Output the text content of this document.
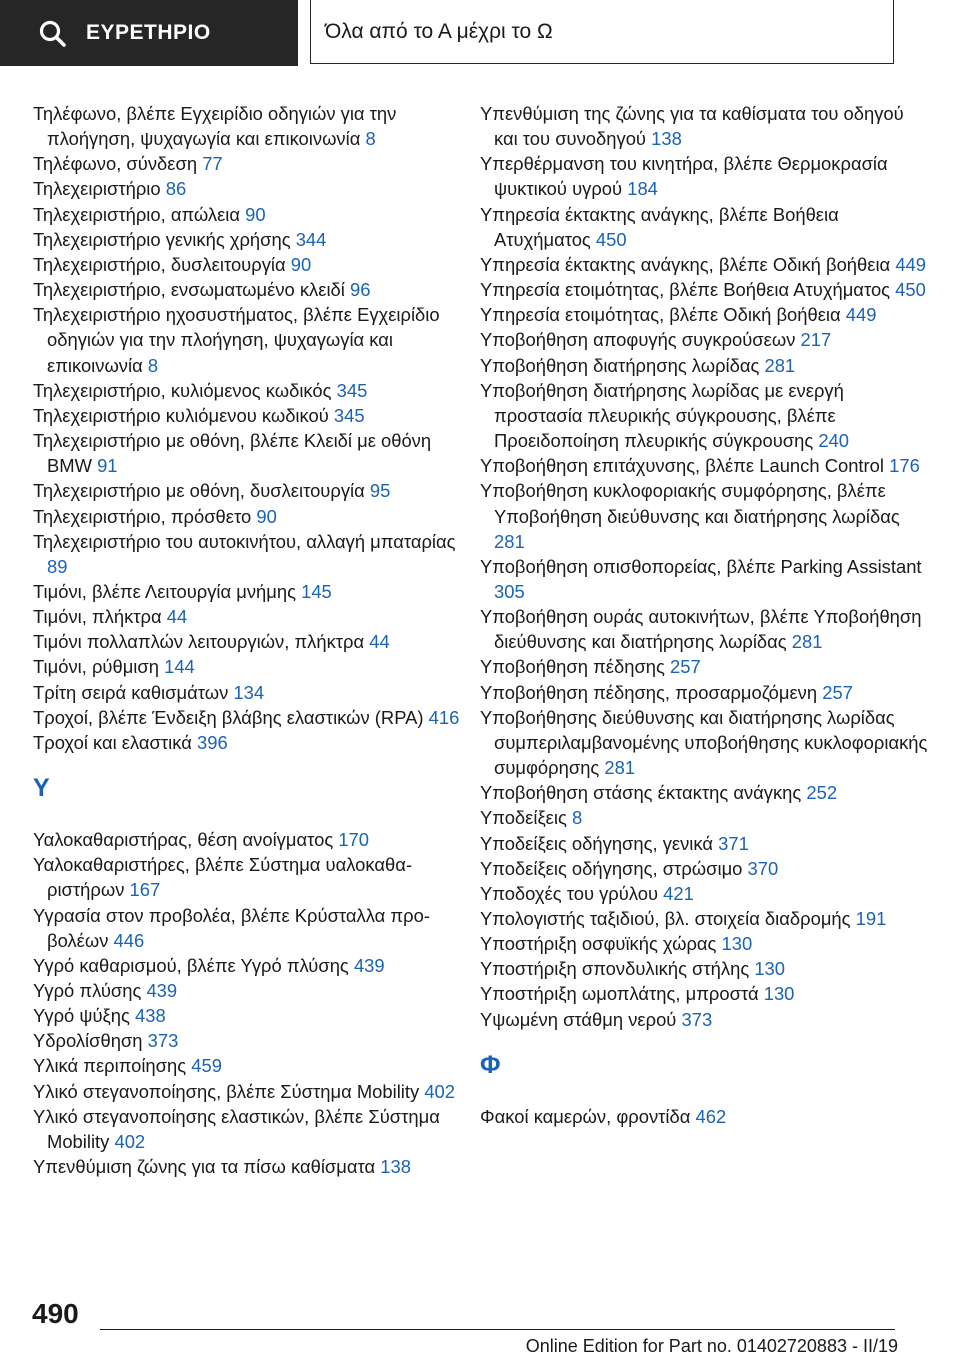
ΕΥΡΕΤΗΡΙΟ	Όλα από το Α μέχρι το Ω
Τηλέφωνο, βλέπε Εγχειρίδιο οδηγιών για την πλοήγηση, ψυχαγωγία και επικοινωνία 8
Τηλέφωνο, σύνδεση 77
Τηλεχειριστήριο 86
Τηλεχειριστήριο, απώλεια 90
Τηλεχειριστήριο γενικής χρήσης 344
Τηλεχειριστήριο, δυσλειτουργία 90
Τηλεχειριστήριο, ενσωματωμένο κλειδί 96
Τηλεχειριστήριο ηχοσυστήματος, βλέπε Εγχειρίδιο οδηγιών για την πλοήγηση, ψυχαγωγία και επικοινωνία 8
Τηλεχειριστήριο, κυλιόμενος κωδικός 345
Τηλεχειριστήριο κυλιόμενου κωδικού 345
Τηλεχειριστήριο με οθόνη, βλέπε Κλειδί με οθόνη BMW 91
Τηλεχειριστήριο με οθόνη, δυσλειτουργία 95
Τηλεχειριστήριο, πρόσθετο 90
Τηλεχειριστήριο του αυτοκινήτου, αλλαγή μπαταρίας 89
Τιμόνι, βλέπε Λειτουργία μνήμης 145
Τιμόνι, πλήκτρα 44
Τιμόνι πολλαπλών λειτουργιών, πλήκτρα 44
Τιμόνι, ρύθμιση 144
Τρίτη σειρά καθισμάτων 134
Τροχοί, βλέπε Ένδειξη βλάβης ελαστικών (RPA) 416
Τροχοί και ελαστικά 396
Υ
Υαλοκαθαριστήρας, θέση ανοίγματος 170
Υαλοκαθαριστήρες, βλέπε Σύστημα υαλοκαθαριστήρων 167
Υγρασία στον προβολέα, βλέπε Κρύσταλλα προβολέων 446
Υγρό καθαρισμού, βλέπε Υγρό πλύσης 439
Υγρό πλύσης 439
Υγρό ψύξης 438
Υδρολίσθηση 373
Υλικά περιποίησης 459
Υλικό στεγανοποίησης, βλέπε Σύστημα Mobility 402
Υλικό στεγανοποίησης ελαστικών, βλέπε Σύστημα Mobility 402
Υπενθύμιση ζώνης για τα πίσω καθίσματα 138
Υπενθύμιση της ζώνης για τα καθίσματα του οδηγού και του συνοδηγού 138
Υπερθέρμανση του κινητήρα, βλέπε Θερμοκρασία ψυκτικού υγρού 184
Υπηρεσία έκτακτης ανάγκης, βλέπε Βοήθεια Ατυχήματος 450
Υπηρεσία έκτακτης ανάγκης, βλέπε Οδική βοήθεια 449
Υπηρεσία ετοιμότητας, βλέπε Βοήθεια Ατυχήματος 450
Υπηρεσία ετοιμότητας, βλέπε Οδική βοήθεια 449
Υποβοήθηση αποφυγής συγκρούσεων 217
Υποβοήθηση διατήρησης λωρίδας 281
Υποβοήθηση διατήρησης λωρίδας με ενεργή προστασία πλευρικής σύγκρουσης, βλέπε Προειδοποίηση πλευρικής σύγκρουσης 240
Υποβοήθηση επιτάχυνσης, βλέπε Launch Control 176
Υποβοήθηση κυκλοφοριακής συμφόρησης, βλέπε Υποβοήθηση διεύθυνσης και διατήρησης λωρίδας 281
Υποβοήθηση οπισθοπορείας, βλέπε Parking Assistant 305
Υποβοήθηση ουράς αυτοκινήτων, βλέπε Υποβοήθηση διεύθυνσης και διατήρησης λωρίδας 281
Υποβοήθηση πέδησης 257
Υποβοήθηση πέδησης, προσαρμοζόμενη 257
Υποβοήθησης διεύθυνσης και διατήρησης λωρίδας συμπεριλαμβανομένης υποβοήθησης κυκλοφοριακής συμφόρησης 281
Υποβοήθηση στάσης έκτακτης ανάγκης 252
Υποδείξεις 8
Υποδείξεις οδήγησης, γενικά 371
Υποδείξεις οδήγησης, στρώσιμο 370
Υποδοχές του γρύλου 421
Υπολογιστής ταξιδιού, βλ. στοιχεία διαδρομής 191
Υποστήριξη οσφυϊκής χώρας 130
Υποστήριξη σπονδυλικής στήλης 130
Υποστήριξη ωμοπλάτης, μπροστά 130
Υψωμένη στάθμη νερού 373
Φ
Φακοί καμερών, φροντίδα 462
490
Online Edition for Part no. 01402720883 - II/19
